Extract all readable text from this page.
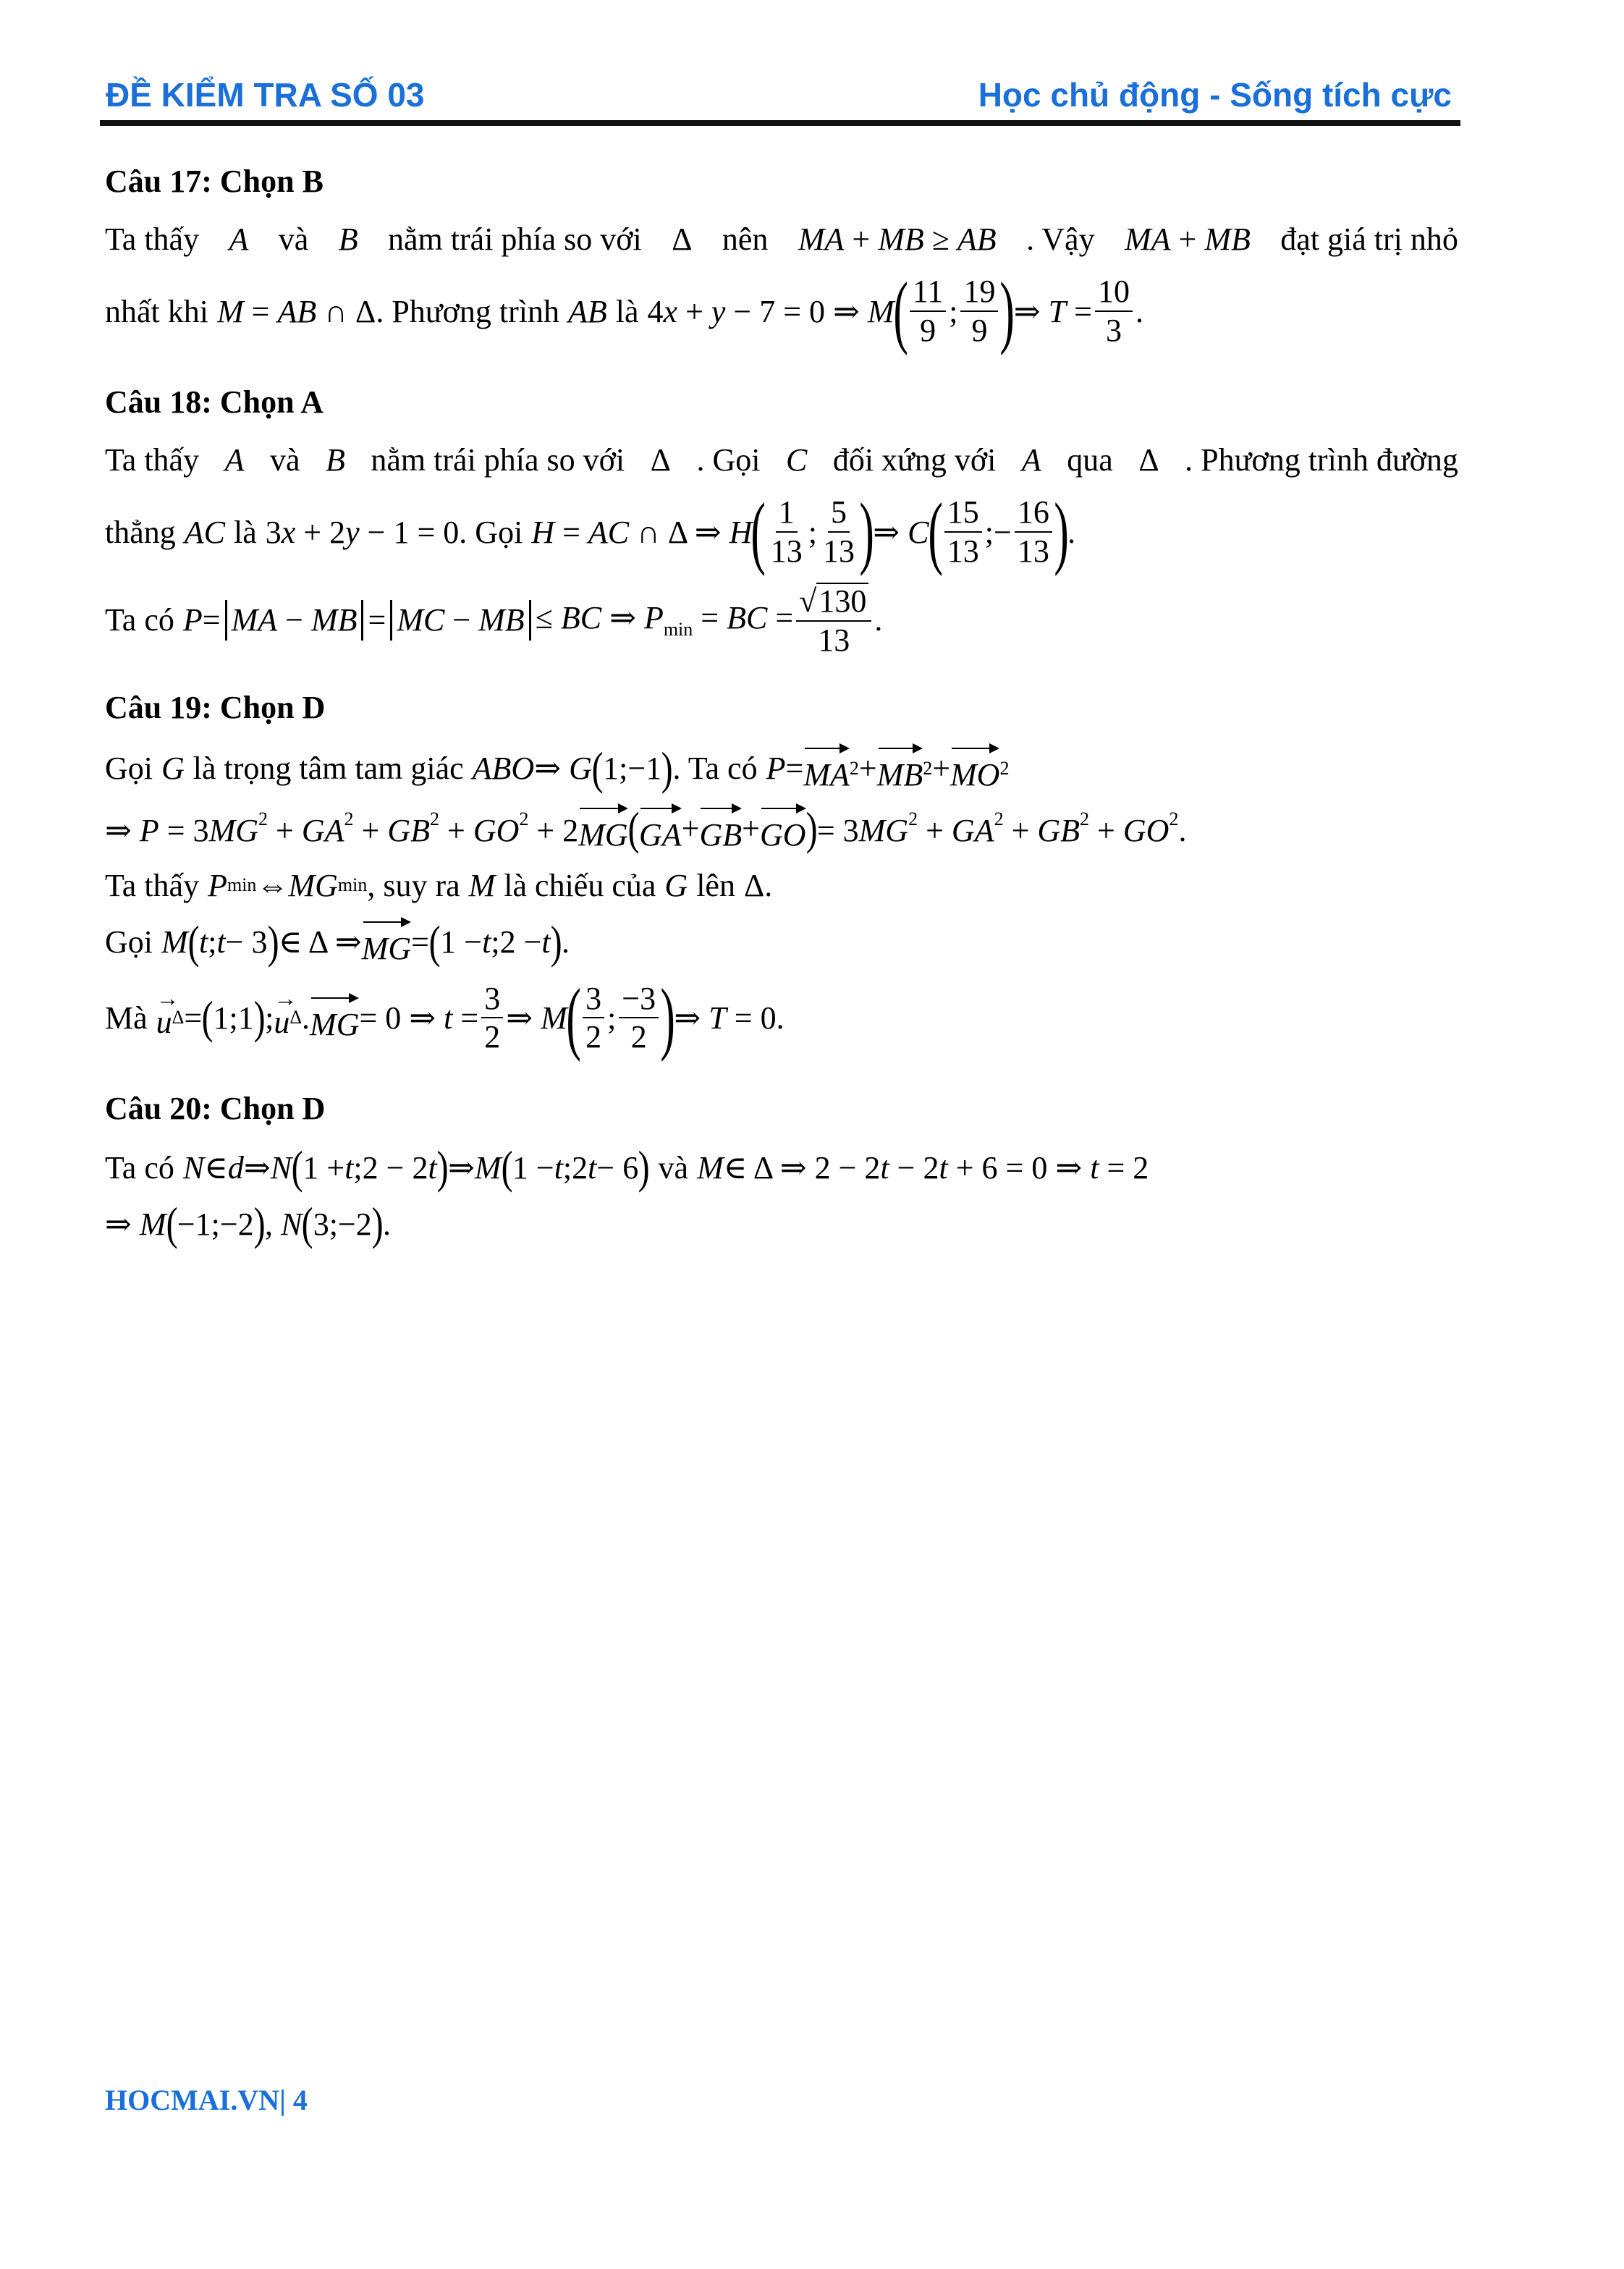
ĐỀ KIỂM TRA SỐ 03	Học chủ động - Sống tích cực
Câu 17: Chọn B
Ta thấy A và B nằm trái phía so với Δ nên MA + MB ≥ AB . Vậy MA + MB đạt giá trị nhỏ
nhất khi M = AB ∩ Δ . Phương trình AB là 4x + y − 7 = 0 ⇒ M
( $\frac{11}{9}$ ; $\frac{19}{9}$ )
⇒ $T = \frac{10}{3}$ .
Câu 18: Chọn A
Ta thấy A và B nằm trái phía so với Δ . Gọi C đối xứng với A qua Δ . Phương trình đường
thẳng AC là 3x + 2y − 1 = 0 . Gọi H = AC ∩ Δ ⇒ H
( $\frac{1}{13}$ ; $\frac{5}{13}$ )
⇒ C
( $\frac{15}{13}$ ;− $\frac{16}{13}$ )
.
Ta có P = MA − MB = MC − MB ≤ BC ⇒ $P_{min}$ = BC = $\frac{√130}{13}$ .
Câu 19: Chọn D
Gọi G là trọng tâm tam giác ABO ⇒ G ( 1;−1 ) . Ta có P = MA 2 + MB 2 + MO 2
⇒ $P = 3MG^2 + GA^2 + GB^2 + GO^2 + 2$ MG ( GA + GB + GO ) = $3MG^2 + GA^2 + GB^2 + GO^2$.
Ta thấy P min ⇔ MG min , suy ra M là chiếu của G lên Δ.
Gọi M ( t ; t − 3 ) ∈ Δ ⇒ MG = ( 1 − t ;2 − t ) .
Mà → u Δ = ( 1;1 ) ; → u Δ . MG = 0 ⇒ $t = \frac{3}{2}$ ⇒ M
( $\frac{3}{2}$ ; $\frac{-3}{2}$ )
⇒ T = 0.
Câu 20: Chọn D
Ta có N ∈ d ⇒ N ( 1 + t ;2 − 2 t ) ⇒ M ( 1 − t ;2 t − 6 ) và M ∈ Δ ⇒ 2 − 2t − 2t + 6 = 0 ⇒ t = 2
⇒ M ( −1;−2 ) , N ( 3;−2 ) .
HOCMAI.VN| 4
